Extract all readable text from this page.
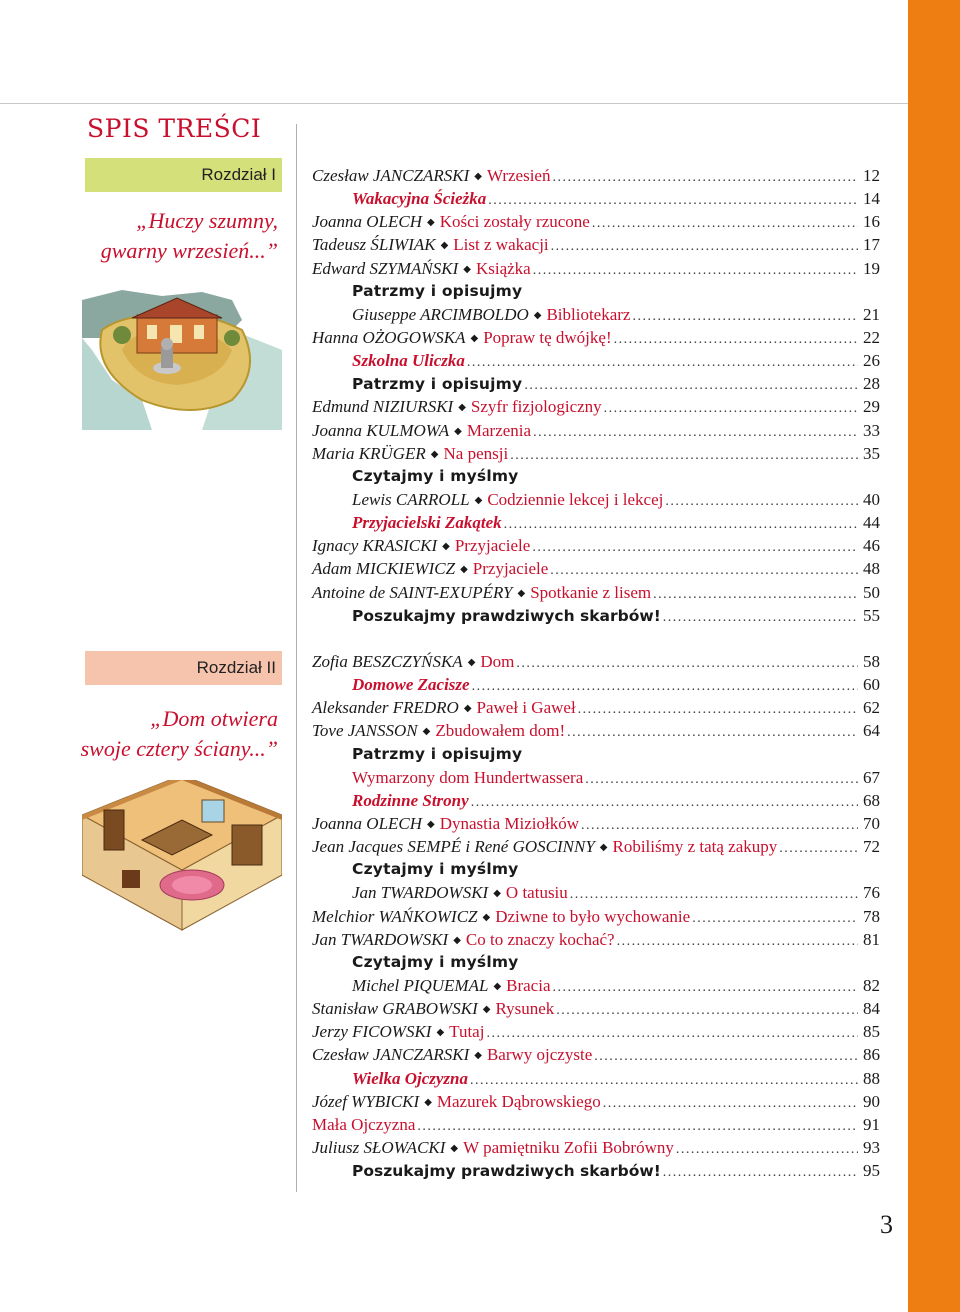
SPIS TREŚCI
Rozdział I
„Huczy szumny,
gwarny wrzesień...”
Rozdział II
„Dom otwiera
swoje cztery ściany...”
Czesław JANCZARSKI ◆ Wrzesień . . .	12
Wakacyjna Ścieżka . . .	14
Joanna OLECH ◆ Kości zostały rzucone . . .	16
Tadeusz ŚLIWIAK ◆ List z wakacji . . .	17
Edward SZYMAŃSKI ◆ Książka . . .	19
Patrzmy i opisujmy
Giuseppe ARCIMBOLDO ◆ Bibliotekarz . . .	21
Hanna OŻOGOWSKA ◆ Popraw tę dwójkę! . . .	22
Szkolna Uliczka . . .	26
Patrzmy i opisujmy . . .	28
Edmund NIZIURSKI ◆ Szyfr fizjologiczny . . .	29
Joanna KULMOWA ◆ Marzenia . . .	33
Maria KRÜGER ◆ Na pensji . . .	35
Czytajmy i myślmy
Lewis CARROLL ◆ Codziennie lekcej i lekcej . . .	40
Przyjacielski Zakątek . . .	44
Ignacy KRASICKI ◆ Przyjaciele . . .	46
Adam MICKIEWICZ ◆ Przyjaciele . . .	48
Antoine de SAINT-EXUPÉRY ◆ Spotkanie z lisem . . .	50
Poszukajmy prawdziwych skarbów! . . .	55
Zofia BESZCZYŃSKA ◆ Dom . . .	58
Domowe Zacisze . . .	60
Aleksander FREDRO ◆ Paweł i Gaweł . . .	62
Tove JANSSON ◆ Zbudowałem dom! . . .	64
Patrzmy i opisujmy
Wymarzony dom Hundertwassera . . .	67
Rodzinne Strony . . .	68
Joanna OLECH ◆ Dynastia Miziołków . . .	70
Jean Jacques SEMPÉ i René GOSCINNY ◆ Robiliśmy z tatą zakupy . . .	72
Czytajmy i myślmy
Jan TWARDOWSKI ◆ O tatusiu . . .	76
Melchior WAŃKOWICZ ◆ Dziwne to było wychowanie . . .	78
Jan TWARDOWSKI ◆ Co to znaczy kochać? . . .	81
Czytajmy i myślmy
Michel PIQUEMAL ◆ Bracia . . .	82
Stanisław GRABOWSKI ◆ Rysunek . . .	84
Jerzy FICOWSKI ◆ Tutaj . . .	85
Czesław JANCZARSKI ◆ Barwy ojczyste . . .	86
Wielka Ojczyzna . . .	88
Józef WYBICKI ◆ Mazurek Dąbrowskiego . . .	90
Mała Ojczyzna . . .	91
Juliusz SŁOWACKI ◆ W pamiętniku Zofii Bobrówny . . .	93
Poszukajmy prawdziwych skarbów! . . .	95
3
